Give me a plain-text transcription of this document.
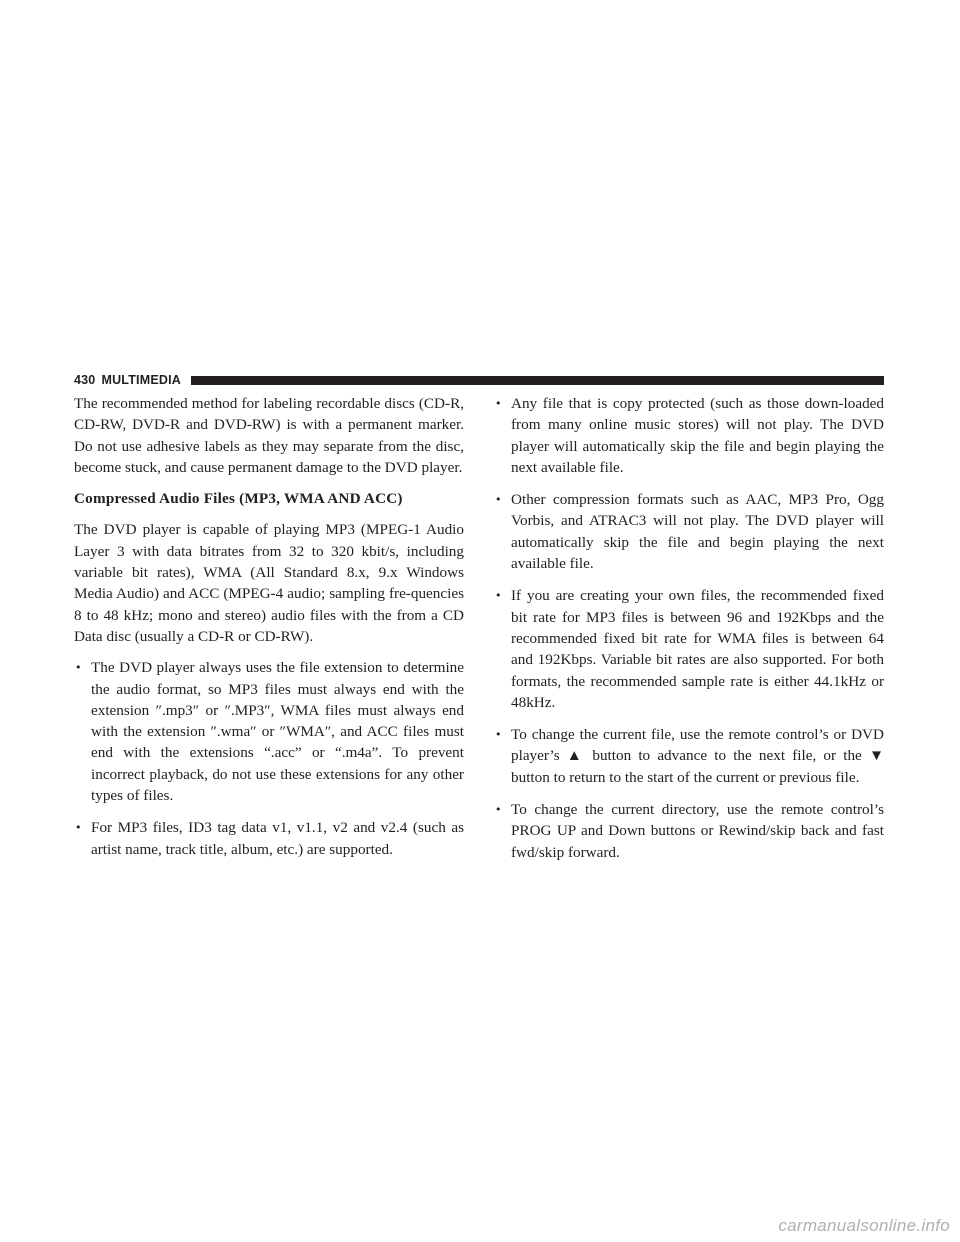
430 MULTIMEDIA

The recommended method for labeling recordable discs (CD-R, CD-RW, DVD-R and DVD-RW) is with a permanent marker. Do not use adhesive labels as they may separate from the disc, become stuck, and cause permanent damage to the DVD player.

Compressed Audio Files (MP3, WMA AND ACC)

The DVD player is capable of playing MP3 (MPEG-1 Audio Layer 3 with data bitrates from 32 to 320 kbit/s, including variable bit rates), WMA (All Standard 8.x, 9.x Windows Media Audio) and ACC (MPEG-4 audio; sampling fre-quencies 8 to 48 kHz; mono and stereo) audio files with the from a CD Data disc (usually a CD-R or CD-RW).

• The DVD player always uses the file extension to determine the audio format, so MP3 files must always end with the extension ″.mp3″ or ″.MP3″, WMA files must always end with the extension ″.wma″ or ″WMA″, and ACC files must end with the extensions “.acc” or “.m4a”. To prevent incorrect playback, do not use these extensions for any other types of files.
• For MP3 files, ID3 tag data v1, v1.1, v2 and v2.4 (such as artist name, track title, album, etc.) are supported.
• Any file that is copy protected (such as those down-loaded from many online music stores) will not play. The DVD player will automatically skip the file and begin playing the next available file.
• Other compression formats such as AAC, MP3 Pro, Ogg Vorbis, and ATRAC3 will not play. The DVD player will automatically skip the file and begin playing the next available file.
• If you are creating your own files, the recommended fixed bit rate for MP3 files is between 96 and 192Kbps and the recommended fixed bit rate for WMA files is between 64 and 192Kbps. Variable bit rates are also supported. For both formats, the recommended sample rate is either 44.1kHz or 48kHz.
• To change the current file, use the remote control’s or DVD player’s ▲ button to advance to the next file, or the ▼ button to return to the start of the current or previous file.
• To change the current directory, use the remote control’s PROG UP and Down buttons or Rewind/skip back and fast fwd/skip forward.
carmanualsonline.info
